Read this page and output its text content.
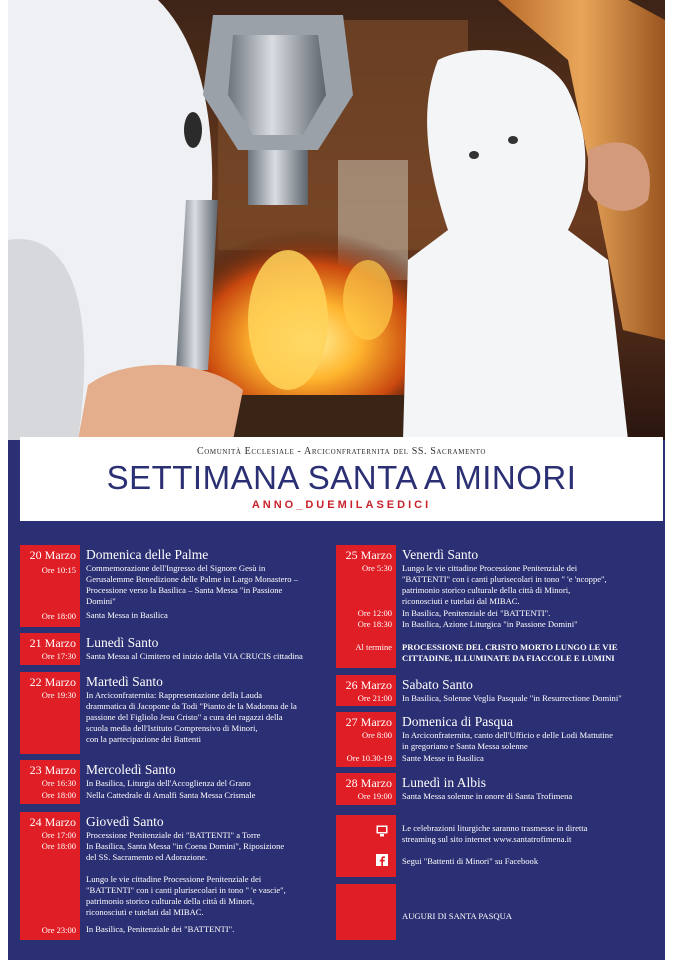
Comunità Ecclesiale - Arciconfraternita del SS. Sacramento
SETTIMANA SANTA A MINORI
ANNO_DUEMILASEDICI
20 Marzo
Ore 10:15
Ore 18:00
Domenica delle Palme
Commemorazione dell'Ingresso del Signore Gesù in
Gerusalemme Benedizione delle Palme in Largo Monastero –
Processione verso la Basilica – Santa Messa "in Passione
Domini"
Santa Messa in Basilica
21 Marzo
Ore 17:30
Lunedì Santo
Santa Messa al Cimitero ed inizio della VIA CRUCIS cittadina
22 Marzo
Ore 19:30
Martedì Santo
In Arciconfraternita: Rappresentazione della Lauda
drammatica di Jacopone da Todi "Pianto de la Madonna de la
passione del Figliolo Jesu Cristo" a cura dei ragazzi della
scuola media dell'Istituto Comprensivo di Minori,
con la partecipazione dei Battenti
23 Marzo
Ore 16:30
Ore 18:00
Mercoledì Santo
In Basilica, Liturgia dell'Accoglienza del Grano
Nella Cattedrale di Amalfi Santa Messa Crismale
24 Marzo
Ore 17:00
Ore 18:00
Ore 23:00
Giovedì Santo
Processione Penitenziale dei "BATTENTI" a Torre
In Basilica, Santa Messa "in Coena Domini", Riposizione
del SS. Sacramento ed Adorazione.
Lungo le vie cittadine Processione Penitenziale dei
"BATTENTI" con i canti plurisecolari in tono " 'e vascie",
patrimonio storico culturale della città di Minori,
riconosciuti e tutelati dal MIBAC.
In Basilica, Penitenziale dei "BATTENTI".
25 Marzo
Ore 5:30
Ore 12:00
Ore 18:30
Al termine
Venerdì Santo
Lungo le vie cittadine Processione Penitenziale dei
"BATTENTI" con i canti plurisecolari in tono " 'e 'ncoppe",
patrimonio storico culturale della città di Minori,
riconosciuti e tutelati dal MIBAC.
In Basilica, Penitenziale dei "BATTENTI".
In Basilica, Azione Liturgica "in Passione Domini"
PROCESSIONE DEL CRISTO MORTO LUNGO LE VIE
CITTADINE, ILLUMINATE DA FIACCOLE E LUMINI
26 Marzo
Ore 21:00
Sabato Santo
In Basilica, Solenne Veglia Pasquale "in Resurrectione Domini"
27 Marzo
Ore 8:00
Ore 10.30-19
Domenica di Pasqua
In Arciconfraternita, canto dell'Ufficio e delle Lodi Mattutine
in gregoriano e Santa Messa solenne
Sante Messe in Basilica
28 Marzo
Ore 19:00
Lunedì in Albis
Santa Messa solenne in onore di Santa Trofimena
Le celebrazioni liturgiche saranno trasmesse in diretta
streaming sul sito internet www.santatrofimena.it
Segui "Battenti di Minori" su Facebook
AUGURI DI SANTA PASQUA
